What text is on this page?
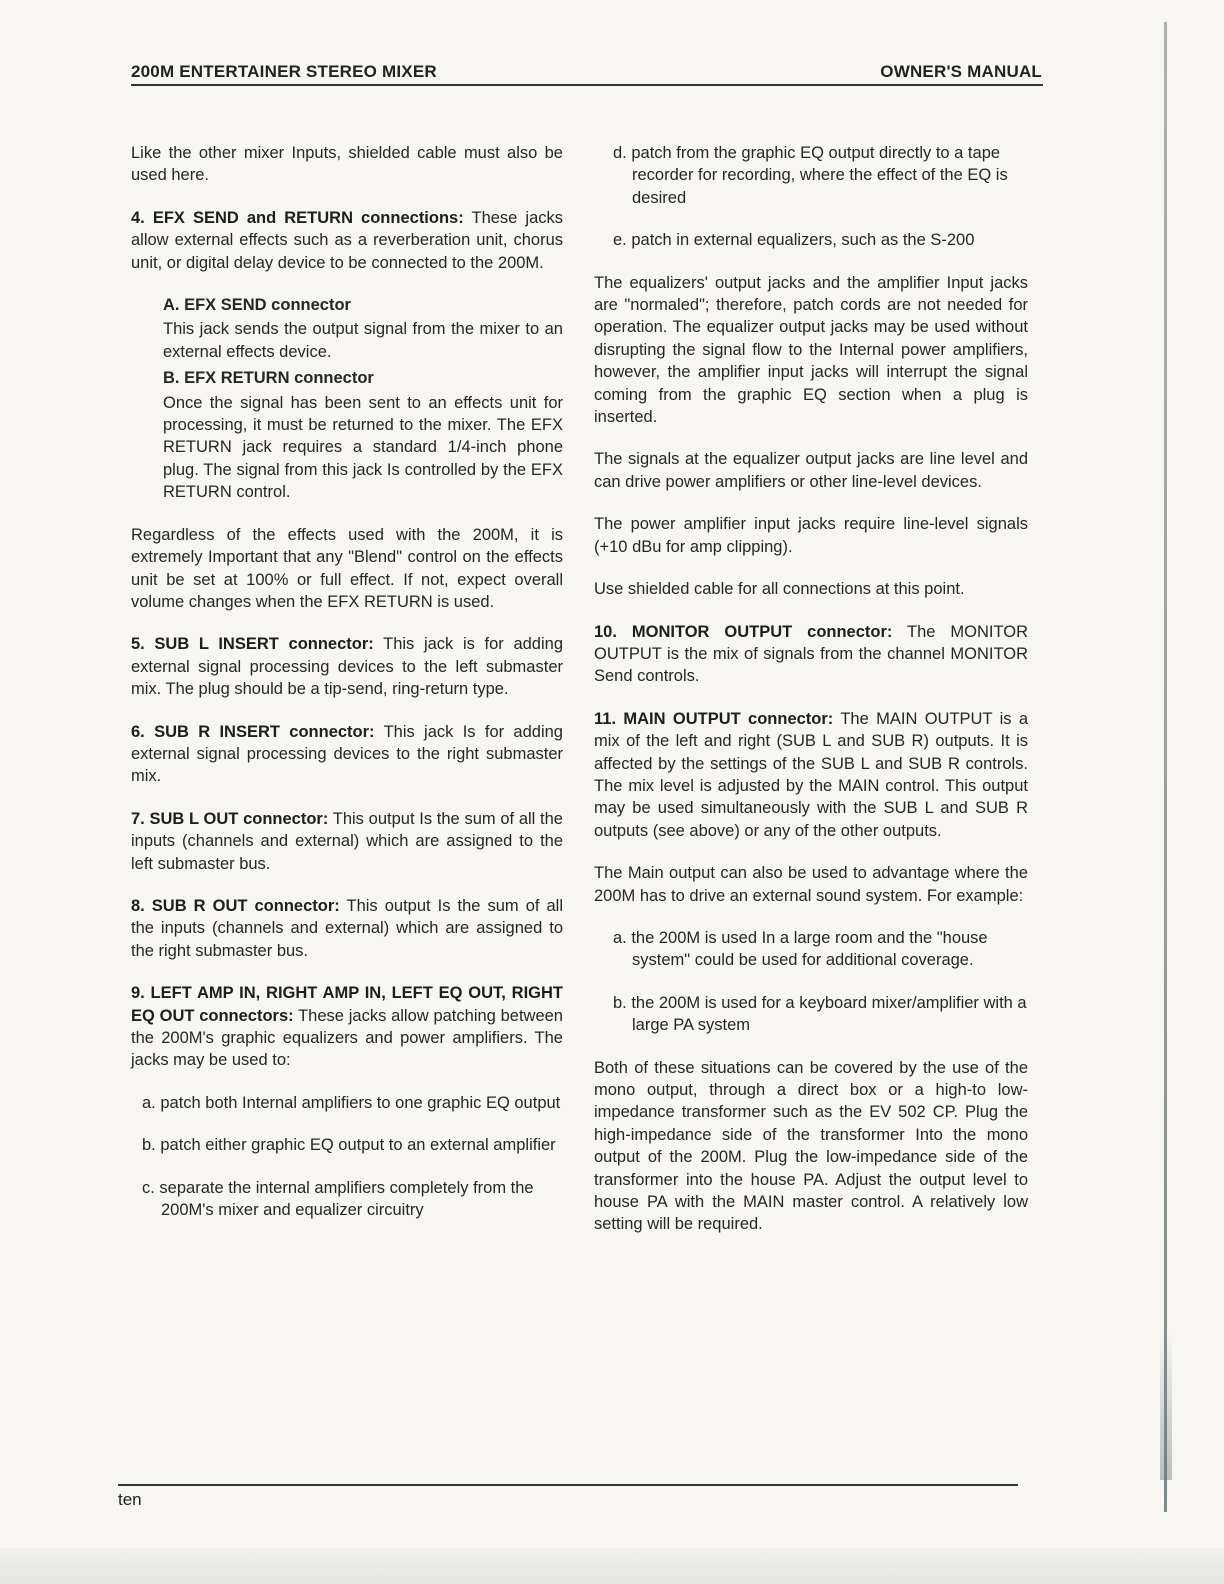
200M ENTERTAINER STEREO MIXER	OWNER'S MANUAL

Like the other mixer Inputs, shielded cable must also be used here.

4. EFX SEND and RETURN connections: These jacks allow external effects such as a reverberation unit, chorus unit, or digital delay device to be connected to the 200M.

A. EFX SEND connector

This jack sends the output signal from the mixer to an external effects device.

B. EFX RETURN connector

Once the signal has been sent to an effects unit for processing, it must be returned to the mixer. The EFX RETURN jack requires a standard 1/4-inch phone plug. The signal from this jack Is controlled by the EFX RETURN control.

Regardless of the effects used with the 200M, it is extremely Important that any "Blend" control on the effects unit be set at 100% or full effect. If not, expect overall volume changes when the EFX RETURN is used.

5. SUB L INSERT connector: This jack is for adding external signal processing devices to the left submaster mix. The plug should be a tip-send, ring-return type.

6. SUB R INSERT connector: This jack Is for adding external signal processing devices to the right submaster mix.

7. SUB L OUT connector: This output Is the sum of all the inputs (channels and external) which are assigned to the left submaster bus.

8. SUB R OUT connector: This output Is the sum of all the inputs (channels and external) which are assigned to the right submaster bus.

9. LEFT AMP IN, RIGHT AMP IN, LEFT EQ OUT, RIGHT EQ OUT connectors: These jacks allow patching between the 200M's graphic equalizers and power amplifiers. The jacks may be used to:

a. patch both Internal amplifiers to one graphic EQ output

b. patch either graphic EQ output to an external amplifier

c. separate the internal amplifiers completely from the 200M's mixer and equalizer circuitry

d. patch from the graphic EQ output directly to a tape recorder for recording, where the effect of the EQ is desired

e. patch in external equalizers, such as the S-200

The equalizers' output jacks and the amplifier Input jacks are "normaled"; therefore, patch cords are not needed for operation. The equalizer output jacks may be used without disrupting the signal flow to the Internal power amplifiers, however, the amplifier input jacks will interrupt the signal coming from the graphic EQ section when a plug is inserted.

The signals at the equalizer output jacks are line level and can drive power amplifiers or other line-level devices.

The power amplifier input jacks require line-level signals (+10 dBu for amp clipping).

Use shielded cable for all connections at this point.

10. MONITOR OUTPUT connector: The MONITOR OUTPUT is the mix of signals from the channel MONITOR Send controls.

11. MAIN OUTPUT connector: The MAIN OUTPUT is a mix of the left and right (SUB L and SUB R) outputs. It is affected by the settings of the SUB L and SUB R controls. The mix level is adjusted by the MAIN control. This output may be used simultaneously with the SUB L and SUB R outputs (see above) or any of the other outputs.

The Main output can also be used to advantage where the 200M has to drive an external sound system. For example:

a. the 200M is used In a large room and the "house system" could be used for additional coverage.

b. the 200M is used for a keyboard mixer/amplifier with a large PA system

Both of these situations can be covered by the use of the mono output, through a direct box or a high-to low-impedance transformer such as the EV 502 CP. Plug the high-impedance side of the transformer Into the mono output of the 200M. Plug the low-impedance side of the transformer into the house PA. Adjust the output level to house PA with the MAIN master control. A relatively low setting will be required.

ten
